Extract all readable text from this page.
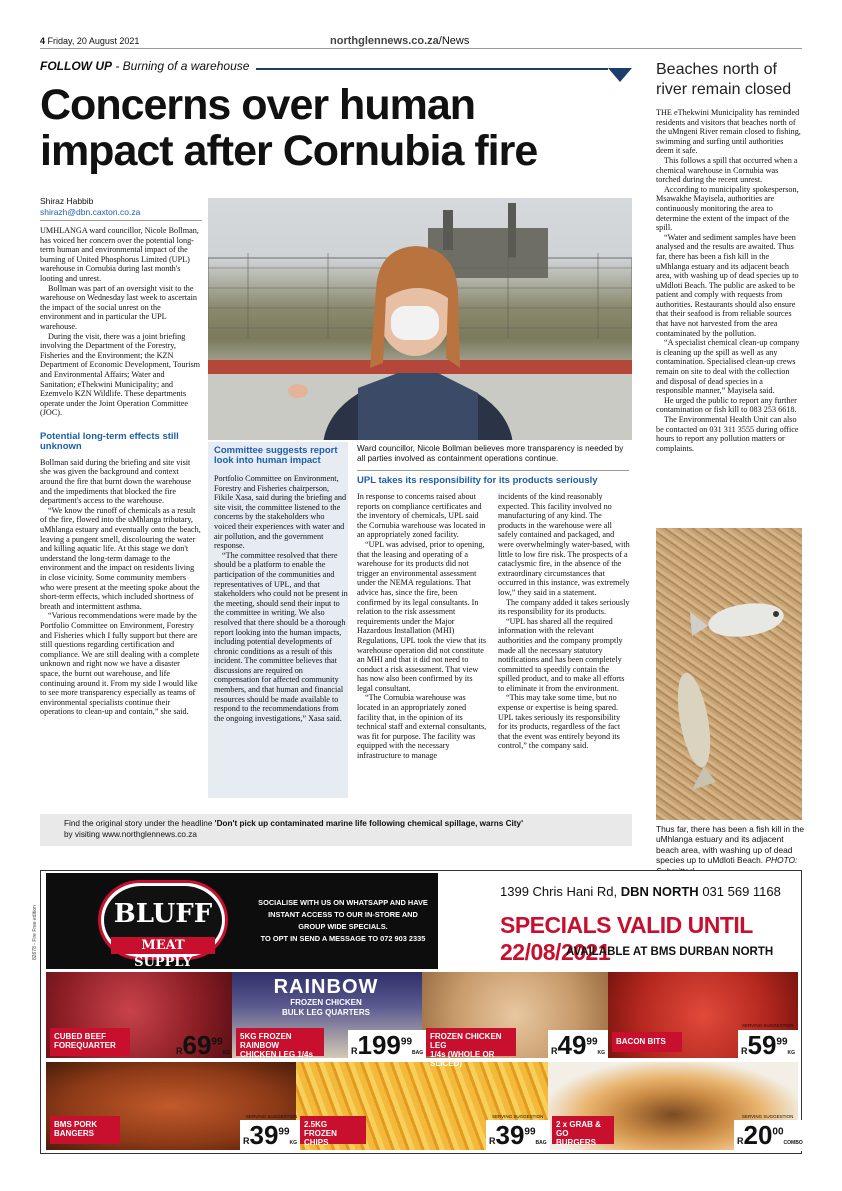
4 Friday, 20 August 2021	northglennews.co.za/News
FOLLOW UP - Burning of a warehouse
Concerns over human
impact after Cornubia fire
Shiraz Habbib
shirazh@dbn.caxton.co.za

UMHLANGA ward councillor, Nicole Bollman, has voiced her concern over the potential long-term human and environmental impact of the burning of United Phosphorus Limited (UPL) warehouse in Cornubia during last month's looting and unrest.

Bollman was part of an oversight visit to the warehouse on Wednesday last week to ascertain the impact of the social unrest on the environment and in particular the UPL warehouse.

During the visit, there was a joint briefing involving the Department of the Forestry, Fisheries and the Environment; the KZN Department of Economic Development, Tourism and Environmental Affairs; Water and Sanitation; eThekwini Municipality; and Ezemvelo KZN Wildlife. These departments operate under the Joint Operation Committee (JOC).

Potential long-term effects still unknown

Bollman said during the briefing and site visit she was given the background and context around the fire that burnt down the warehouse and the impediments that blocked the fire department's access to the warehouse.

“We know the runoff of chemicals as a result of the fire, flowed into the uMhlanga tributary, uMhlanga estuary and eventually onto the beach, leaving a pungent smell, discolouring the water and killing aquatic life. At this stage we don't understand the long-term damage to the environment and the impact on residents living in close vicinity. Some community members who were present at the meeting spoke about the short-term effects, which included shortness of breath and intermittent asthma.

“Various recommendations were made by the Portfolio Committee on Environment, Forestry and Fisheries which I fully support but there are still questions regarding certification and compliance. We are still dealing with a complete unknown and right now we have a disaster space, the burnt out warehouse, and life continuing around it. From my side I would like to see more transparency especially as teams of environmental specialists continue their operations to clean-up and contain,” she said.

Committee suggests report look into human impact

Portfolio Committee on Environment, Forestry and Fisheries chairperson, Fikile Xasa, said during the briefing and site visit, the committee listened to the concerns by the stakeholders who voiced their experiences with water and air pollution, and the government response.

“The committee resolved that there should be a platform to enable the participation of the communities and representatives of UPL, and that stakeholders who could not be present in the meeting, should send their input to the committee in writing. We also resolved that there should be a thorough report looking into the human impacts, including potential developments of chronic conditions as a result of this incident. The committee believes that discussions are required on compensation for affected community members, and that human and financial resources should be made available to respond to the recommendations from the ongoing investigations,” Xasa said.

Ward councillor, Nicole Bollman believes more transparency is needed by all parties involved as containment operations continue.
UPL takes its responsibility for its products seriously

In response to concerns raised about reports on compliance certificates and the inventory of chemicals, UPL said the Cornubia warehouse was located in an appropriately zoned facility.

“UPL was advised, prior to opening, that the leasing and operating of a warehouse for its products did not trigger an environmental assessment under the NEMA regulations. That advice has, since the fire, been confirmed by its legal consultants. In relation to the risk assessment requirements under the Major Hazardous Installation (MHI) Regulations, UPL took the view that its warehouse operation did not constitute an MHI and that it did not need to conduct a risk assessment. That view has now also been confirmed by its legal consultant.

“The Cornubia warehouse was located in an appropriately zoned facility that, in the opinion of its technical staff and external consultants, was fit for purpose. The facility was equipped with the necessary infrastructure to manage

incidents of the kind reasonably expected. This facility involved no manufacturing of any kind. The products in the warehouse were all safely contained and packaged, and were overwhelmingly water-based, with little to low fire risk. The prospects of a cataclysmic fire, in the absence of the extraordinary circumstances that occurred in this instance, was extremely low,” they said in a statement.

The company added it takes seriously its responsibility for its products.

“UPL has shared all the required information with the relevant authorities and the company promptly made all the necessary statutory notifications and has been completely committed to speedily contain the spilled product, and to make all efforts to eliminate it from the environment.

“This may take some time, but no expense or expertise is being spared. UPL takes seriously its responsibility for its products, regardless of the fact that the event was entirely beyond its control,” the company said.

Find the original story under the headline 'Don't pick up contaminated marine life following chemical spillage, warns City'
by visiting www.northglennews.co.za
Beaches north of
river remain closed

THE eThekwini Municipality has reminded residents and visitors that beaches north of the uMngeni River remain closed to fishing, swimming and surfing until authorities deem it safe.

This follows a spill that occurred when a chemical warehouse in Cornubia was torched during the recent unrest.

According to municipality spokesperson, Msawakhe Mayisela, authorities are continuously monitoring the area to determine the extent of the impact of the spill.

“Water and sediment samples have been analysed and the results are awaited. Thus far, there has been a fish kill in the uMhlanga estuary and its adjacent beach area, with washing up of dead species up to uMdloti Beach. The public are asked to be patient and comply with requests from authorities. Restaurants should also ensure that their seafood is from reliable sources that have not harvested from the area contaminated by the pollution.

“A specialist chemical clean-up company is cleaning up the spill as well as any contamination. Specialised clean-up crews remain on site to deal with the collection and disposal of dead species in a responsible manner,” Mayisela said.

He urged the public to report any further contamination or fish kill to 083 253 6618.

The Environmental Health Unit can also be contacted on 031 311 3555 during office hours to report any pollution matters or complaints.

Thus far, there has been a fish kill in the uMhlanga estuary and its adjacent beach area, with washing up of dead species up to uMdloti Beach. PHOTO:
82678 - Fire Free edition	BLUFF
MEAT SUPPLY
SOCIALISE WITH US ON WHATSAPP AND HAVE
INSTANT ACCESS TO OUR IN-STORE AND
GROUP WIDE SPECIALS.
TO OPT IN SEND A MESSAGE TO 072 903 2335
1399 Chris Hani Rd, DBN NORTH 031 569 1168
SPECIALS VALID UNTIL 22/08/2021
AVAILABLE AT BMS DURBAN NORTH
RAINBOW
FROZEN CHICKEN
BULK LEG QUARTERS
CUBED BEEF
FOREQUARTER
$R69^{99}KG$
5KG FROZEN RAINBOW
CHICKEN LEG 1/4s	$R199^{99}BAG$
FROZEN CHICKEN LEG
1/4s (WHOLE OR SLICED)
$R49^{99}KG$
BACON BITS
$R59^{99}KG$
SERVING SUGGESTION
BMS PORK
BANGERS
$R39^{99}KG$
SERVING SUGGESTION
2.5KG FROZEN
CHIPS	$R39^{99}BAG$
SERVING SUGGESTION
2 x GRAB & GO
BURGERS	$R20^{00}COMBO$
SERVING SUGGESTION
